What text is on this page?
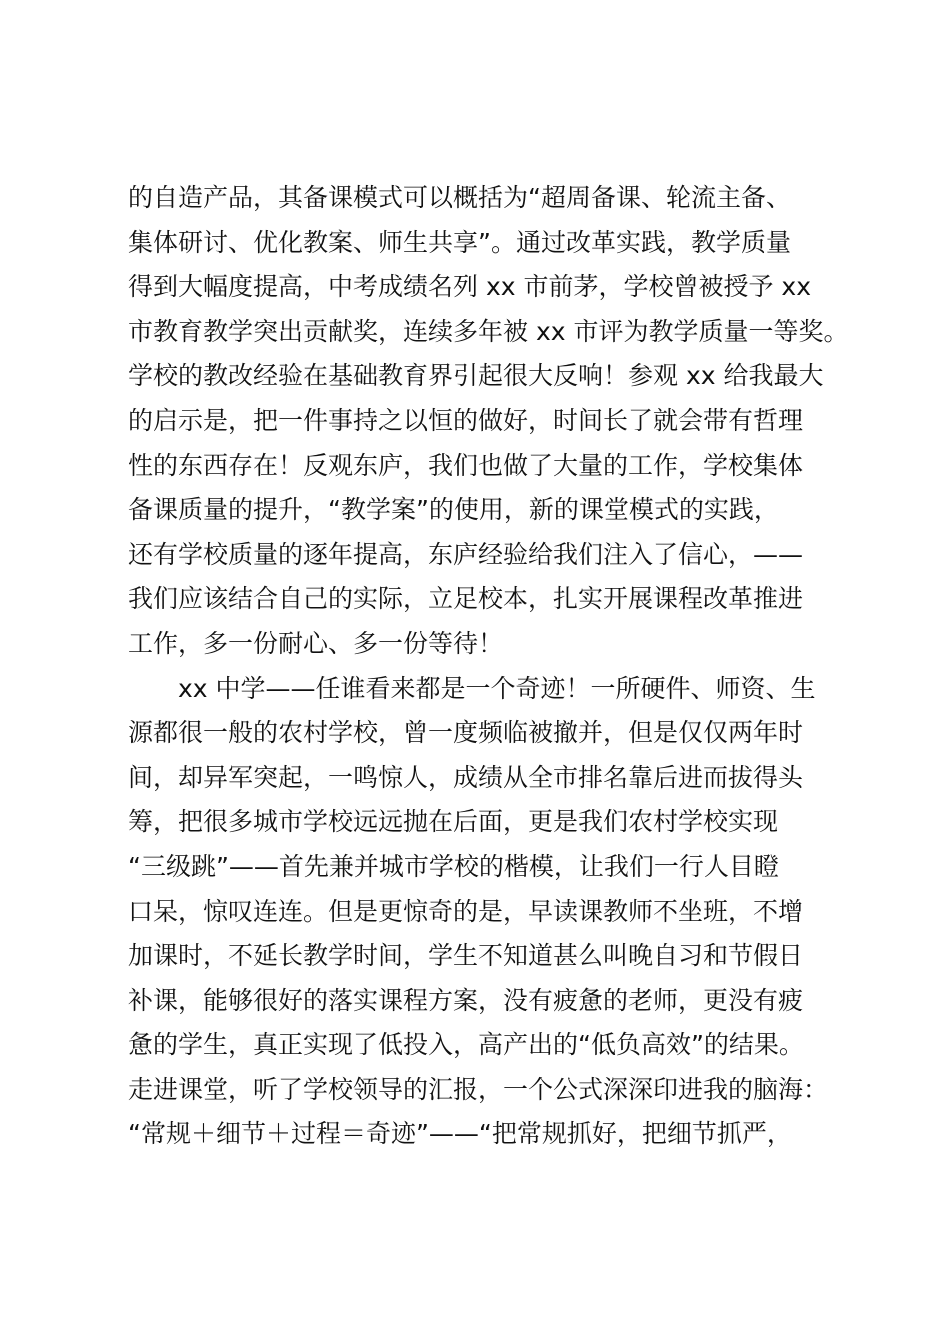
的自造产品，其备课模式可以概括为“超周备课、轮流主备、
集体研讨、优化教案、师生共享”。通过改革实践，教学质量
得到大幅度提高，中考成绩名列 xx 市前茅，学校曾被授予 xx
市教育教学突出贡献奖，连续多年被 xx 市评为教学质量一等奖。
学校的教改经验在基础教育界引起很大反响！参观 xx 给我最大
的启示是，把一件事持之以恒的做好，时间长了就会带有哲理
性的东西存在！反观东庐，我们也做了大量的工作，学校集体
备课质量的提升，“教学案”的使用，新的课堂模式的实践，
还有学校质量的逐年提高，东庐经验给我们注入了信心，——
我们应该结合自己的实际，立足校本，扎实开展课程改革推进
工作，多一份耐心、多一份等待！
xx 中学——任谁看来都是一个奇迹！一所硬件、师资、生
源都很一般的农村学校，曾一度频临被撤并，但是仅仅两年时
间，却异军突起，一鸣惊人，成绩从全市排名靠后进而拔得头
筹，把很多城市学校远远抛在后面，更是我们农村学校实现
“三级跳”——首先兼并城市学校的楷模，让我们一行人目瞪
口呆，惊叹连连。但是更惊奇的是，早读课教师不坐班，不增
加课时，不延长教学时间，学生不知道甚么叫晚自习和节假日
补课，能够很好的落实课程方案，没有疲惫的老师，更没有疲
惫的学生，真正实现了低投入，高产出的“低负高效”的结果。
走进课堂，听了学校领导的汇报，一个公式深深印进我的脑海：
“常规＋细节＋过程＝奇迹”——“把常规抓好，把细节抓严，
